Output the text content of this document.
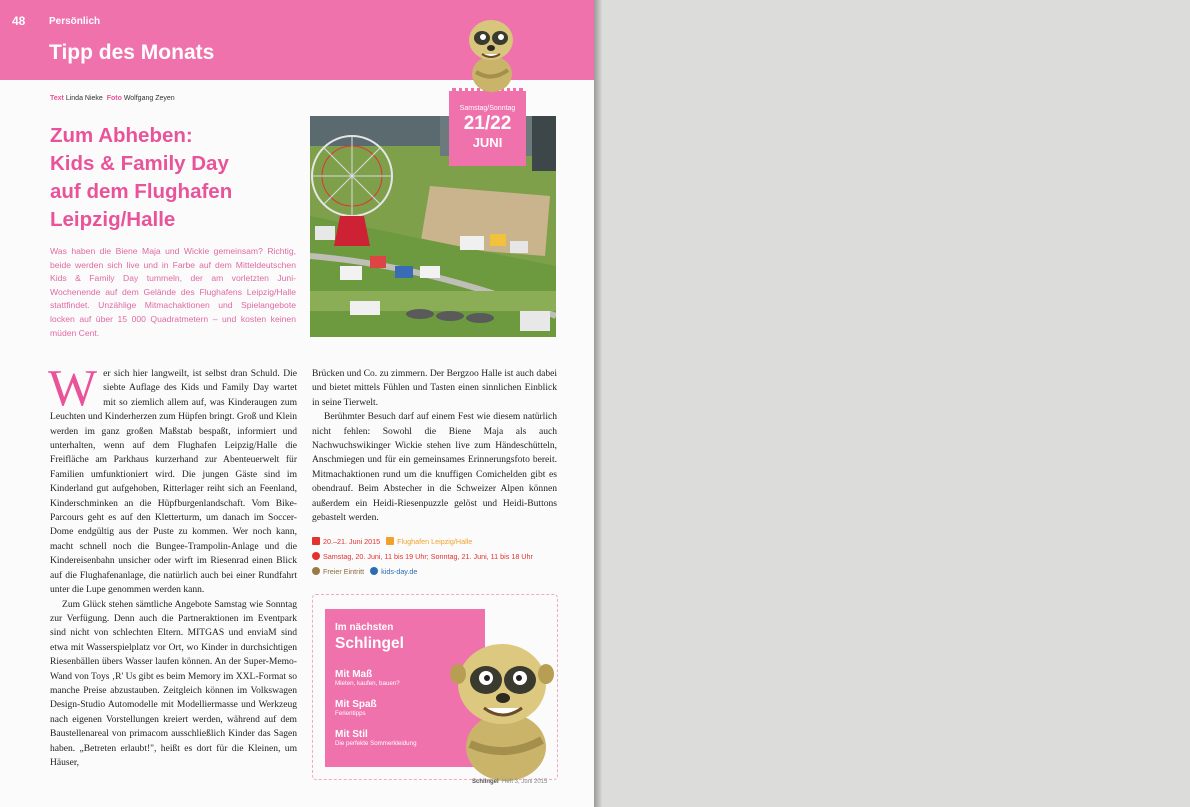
48 Persönlich
Tipp des Monats
Text Linda Nieke Foto Wolfgang Zeyen
Zum Abheben:
Kids & Family Day
auf dem Flughafen
Leipzig/Halle
Was haben die Biene Maja und Wickie gemeinsam? Richtig, beide werden sich live und in Farbe auf dem Mitteldeutschen Kids & Family Day tummeln, der am vorletzten Juni-Wochenende auf dem Gelände des Flughafens Leipzig/Halle stattfindet. Unzählige Mitmachaktionen und Spielangebote locken auf über 15 000 Quadratmetern – und kosten keinen müden Cent.
Samstag/Sonntag
21/22
JUNI

Wer sich hier langweilt, ist selbst dran Schuld. Die siebte Auflage des Kids und Family Day wartet mit so ziemlich allem auf, was Kinderaugen zum Leuchten und Kinderherzen zum Hüpfen bringt. Groß und Klein werden im ganz großen Maßstab bespaßt, informiert und unterhalten, wenn auf dem Flughafen Leipzig/Halle die Freifläche am Parkhaus kurzerhand zur Abenteuerwelt für Familien umfunktioniert wird. Die jungen Gäste sind im Kinderland gut aufgehoben, Ritterlager reiht sich an Feenland, Kinderschminken an die Hüpfburgenlandschaft. Vom Bike-Parcours geht es auf den Kletterturm, um danach im Soccer-Dome endgültig aus der Puste zu kommen. Wer noch kann, macht schnell noch die Bungee-Trampolin-Anlage und die Kindereisenbahn unsicher oder wirft im Riesenrad einen Blick auf die Flughafenanlage, die natürlich auch bei einer Rundfahrt unter die Lupe genommen werden kann.

Zum Glück stehen sämtliche Angebote Samstag wie Sonntag zur Verfügung. Denn auch die Partneraktionen im Eventpark sind nicht von schlechten Eltern. MITGAS und enviaM sind etwa mit Wasserspielplatz vor Ort, wo Kinder in durchsichtigen Riesenbällen übers Wasser laufen können. An der Super-Memo-Wand von Toys ‚R' Us gibt es beim Memory im XXL-Format so manche Preise abzustauben. Zeitgleich können im Volkswagen Design-Studio Automodelle mit Modelliermasse und Werkzeug nach eigenen Vorstellungen kreiert werden, während auf dem Baustellenareal von primacom ausschließlich Kinder das Sagen haben. „Betreten erlaubt!", heißt es dort für die Kleinen, um Häuser,

Brücken und Co. zu zimmern. Der Bergzoo Halle ist auch dabei und bietet mittels Fühlen und Tasten einen sinnlichen Einblick in seine Tierwelt.

Berühmter Besuch darf auf einem Fest wie diesem natürlich nicht fehlen: Sowohl die Biene Maja als auch Nachwuchswikinger Wickie stehen live zum Händeschütteln, Anschmiegen und für ein gemeinsames Erinnerungsfoto bereit. Mitmachaktionen rund um die knuffigen Comichelden gibt es obendrauf. Beim Abstecher in die Schweizer Alpen können außerdem ein Heidi-Riesenpuzzle gelöst und Heidi-Buttons gebastelt werden.

20.–21. Juni 2015 Flughafen Leipzig/Halle
Samstag, 20. Juni, 11 bis 19 Uhr; Sonntag, 21. Juni, 11 bis 18 Uhr
Freier Eintritt kids-day.de
Im nächsten
Schlingel
Mit Maß
Mieten, kaufen, bauen?
Mit Spaß
Ferientipps
Mit Stil
Die perfekte Sommerkleidung
Schlingel Heft 3, Juni 2015
